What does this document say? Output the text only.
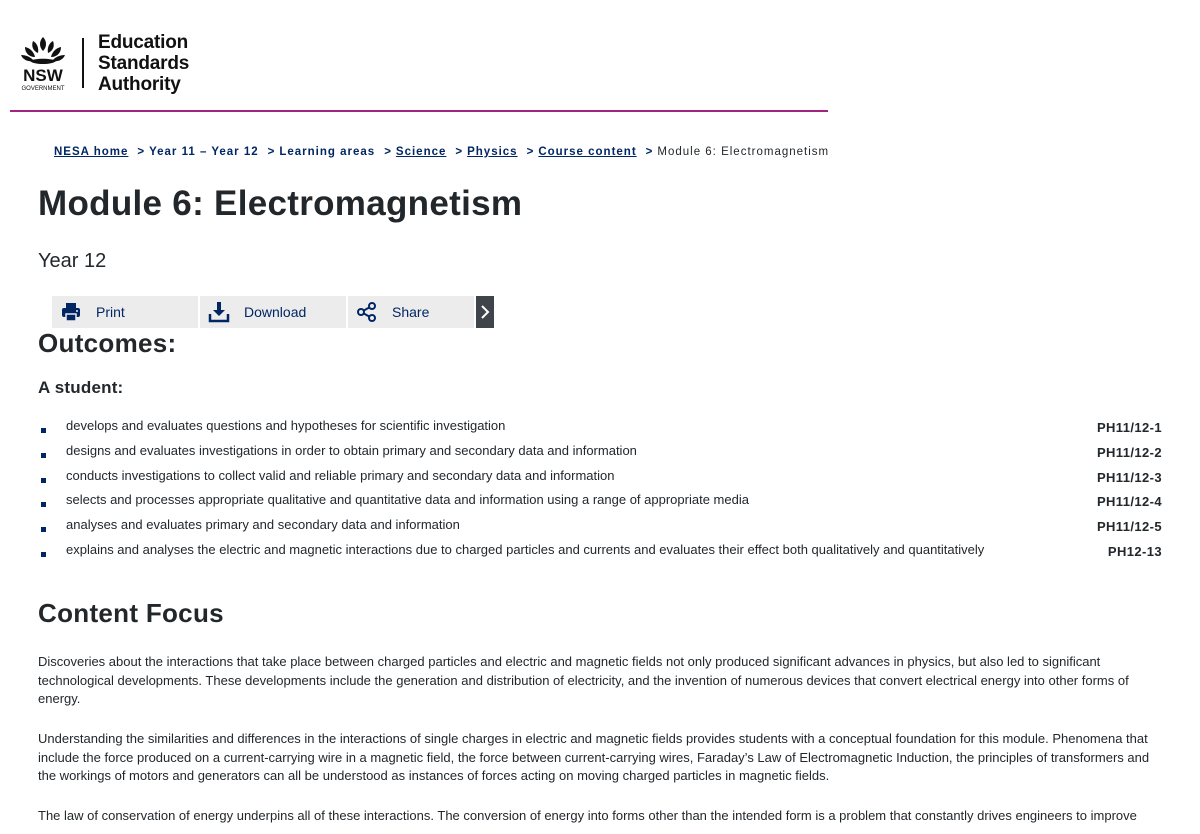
NSW
GOVERNMENT
Education
Standards
Authority
NESA home > Year 11 – Year 12 > Learning areas > Science > Physics > Course content > Module 6: Electromagnetism
Module 6: Electromagnetism
Year 12
Print	Download	Share
Outcomes:
A student:
develops and evaluates questions and hypotheses for scientific investigation	PH11/12-1
designs and evaluates investigations in order to obtain primary and secondary data and information	PH11/12-2
conducts investigations to collect valid and reliable primary and secondary data and information	PH11/12-3
selects and processes appropriate qualitative and quantitative data and information using a range of appropriate media	PH11/12-4
analyses and evaluates primary and secondary data and information	PH11/12-5
explains and analyses the electric and magnetic interactions due to charged particles and currents and evaluates their effect both qualitatively and quantitatively	PH12-13
Content Focus

Discoveries about the interactions that take place between charged particles and electric and magnetic fields not only produced significant advances in physics, but also led to significant technological developments. These developments include the generation and distribution of electricity, and the invention of numerous devices that convert electrical energy into other forms of energy.

Understanding the similarities and differences in the interactions of single charges in electric and magnetic fields provides students with a conceptual foundation for this module. Phenomena that include the force produced on a current-carrying wire in a magnetic field, the force between current-carrying wires, Faraday’s Law of Electromagnetic Induction, the principles of transformers and the workings of motors and generators can all be understood as instances of forces acting on moving charged particles in magnetic fields.

The law of conservation of energy underpins all of these interactions. The conversion of energy into forms other than the intended form is a problem that constantly drives engineers to improve
